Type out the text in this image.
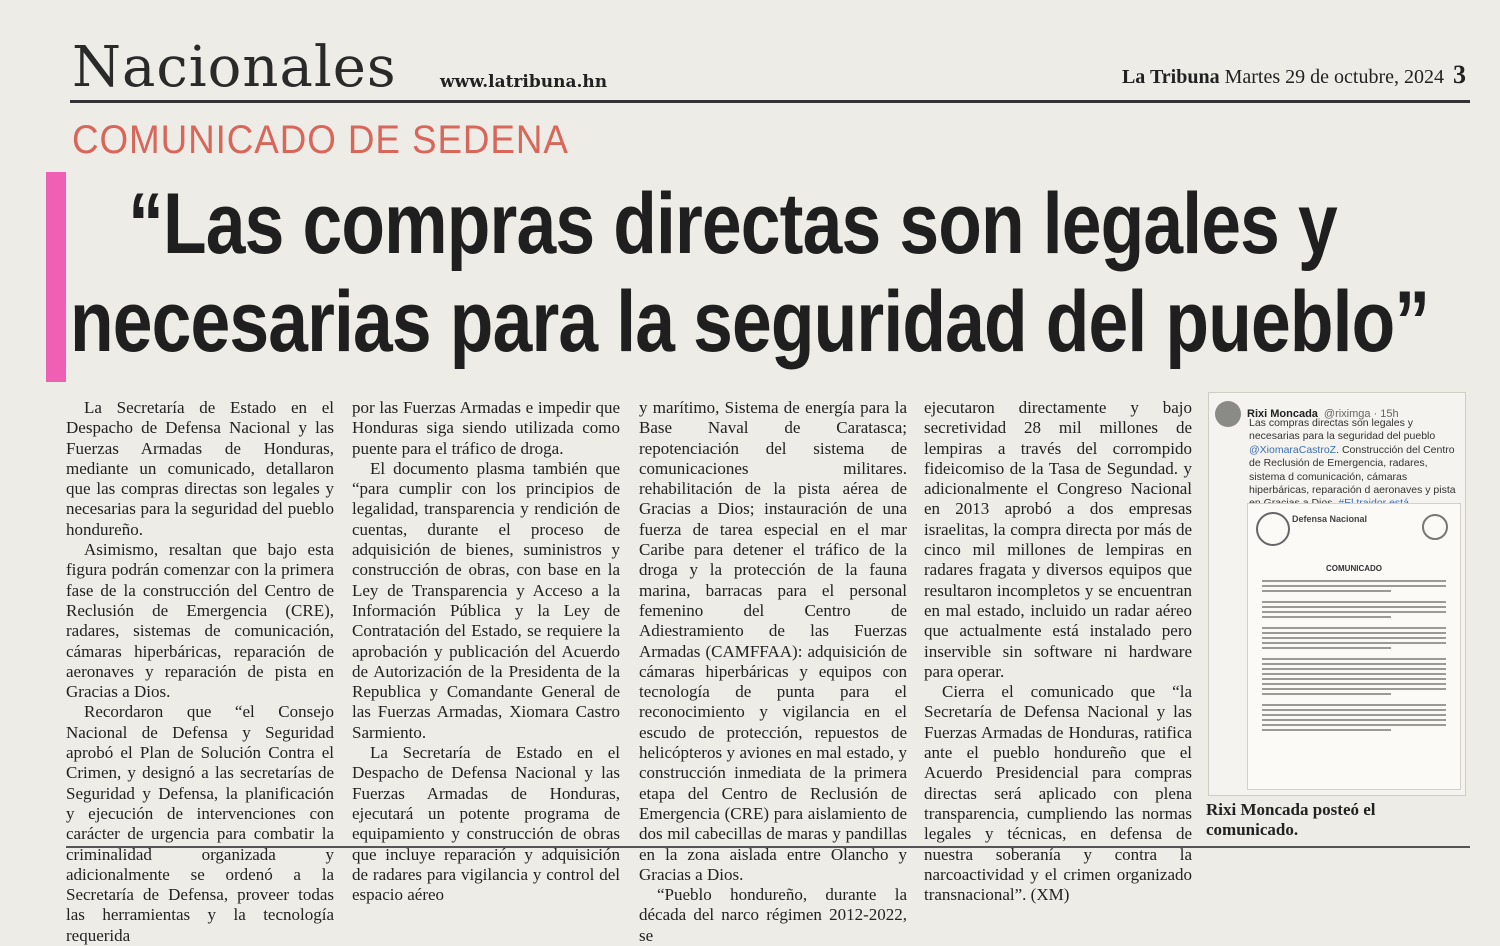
Nacionales	www.latribuna.hn	La Tribuna Martes 29 de octubre, 2024 3
COMUNICADO DE SEDENA
“Las compras directas son legales y
necesarias para la seguridad del pueblo”

La Secretaría de Estado en el Despacho de Defensa Nacional y las Fuerzas Armadas de Honduras, mediante un comunicado, detallaron que las compras directas son legales y necesarias para la seguridad del pueblo hondureño.

Asimismo, resaltan que bajo esta figura podrán comenzar con la primera fase de la construcción del Centro de Reclusión de Emergencia (CRE), radares, sistemas de comunicación, cámaras hiperbáricas, reparación de aeronaves y reparación de pista en Gracias a Dios.

Recordaron que “el Consejo Nacional de Defensa y Seguridad aprobó el Plan de Solución Contra el Crimen, y designó a las secretarías de Seguridad y Defensa, la planificación y ejecución de intervenciones con carácter de urgencia para combatir la criminalidad organizada y adicionalmente se ordenó a la Secretaría de Defensa, proveer todas las herramientas y la tecnología requerida

por las Fuerzas Armadas e impedir que Honduras siga siendo utilizada como puente para el tráfico de droga.

El documento plasma también que “para cumplir con los principios de legalidad, transparencia y rendición de cuentas, durante el proceso de adquisición de bienes, suministros y construcción de obras, con base en la Ley de Transparencia y Acceso a la Información Pública y la Ley de Contratación del Estado, se requiere la aprobación y publicación del Acuerdo de Autorización de la Presidenta de la Republica y Comandante General de las Fuerzas Armadas, Xiomara Castro Sarmiento.

La Secretaría de Estado en el Despacho de Defensa Nacional y las Fuerzas Armadas de Honduras, ejecutará un potente programa de equipamiento y construcción de obras que incluye reparación y adquisición de radares para vigilancia y control del espacio aéreo

y marítimo, Sistema de energía para la Base Naval de Caratasca; repotenciación del sistema de comunicaciones militares. rehabilitación de la pista aérea de Gracias a Dios; instauración de una fuerza de tarea especial en el mar Caribe para detener el tráfico de la droga y la protección de la fauna marina, barracas para el personal femenino del Centro de Adiestramiento de las Fuerzas Armadas (CAMFFAA): adquisición de cámaras hiperbáricas y equipos con tecnología de punta para el reconocimiento y vigilancia en el escudo de protección, repuestos de helicópteros y aviones en mal estado, y construcción inmediata de la primera etapa del Centro de Reclusión de Emergencia (CRE) para aislamiento de dos mil cabecillas de maras y pandillas en la zona aislada entre Olancho y Gracias a Dios.

“Pueblo hondureño, durante la década del narco régimen 2012-2022, se

ejecutaron directamente y bajo secretividad 28 mil millones de lempiras a través del corrompido fideicomiso de la Tasa de Segundad. y adicionalmente el Congreso Nacional en 2013 aprobó a dos empresas israelitas, la compra directa por más de cinco mil millones de lempiras en radares fragata y diversos equipos que resultaron incompletos y se encuentran en mal estado, incluido un radar aéreo que actualmente está instalado pero inservible sin software ni hardware para operar.

Cierra el comunicado que “la Secretaría de Defensa Nacional y las Fuerzas Armadas de Honduras, ratifica ante el pueblo hondureño que el Acuerdo Presidencial para compras directas será aplicado con plena transparencia, cumpliendo las normas legales y técnicas, en defensa de nuestra soberanía y contra la narcoactividad y el crimen organizado transnacional”. (XM)

Rixi Moncada @riximga · 15h
Las compras directas son legales y necesarias para la seguridad del pueblo @XiomaraCastroZ. Construcción del Centro de Reclusión de Emergencia, radares, sistema d comunicación, cámaras hiperbáricas, reparación d aeronaves y pista
Defensa Nacional
COMUNICADO
Rixi Moncada posteó el comunicado.
